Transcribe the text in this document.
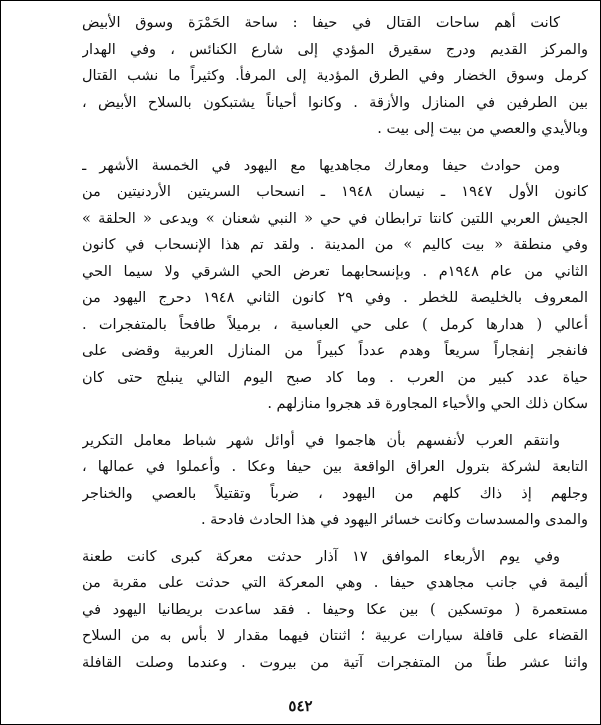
كانت أهم ساحات القتال في حيفا : ساحة الحَمْرَة وسوق الأبيض
والمركز القديم ودرج سقيرق المؤدي إلى شارع الكنائس ، وفي الهدار
كرمل وسوق الخضار وفي الطرق المؤدية إلى المرفأ. وكثيراً ما نشب القتال
بين الطرفين في المنازل والأزقة . وكانوا أحياناً يشتبكون بالسلاح الأبيض ،
وبالأيدي والعصي من بيت إلى بيت .
ومن حوادث حيفا ومعارك مجاهديها مع اليهود في الخمسة الأشهر ـ
كانون الأول ١٩٤٧ ـ نيسان ١٩٤٨ ـ انسحاب السريتين الأردنيتين من
الجيش العربي اللتين كانتا ترابطان في حي « النبي شعنان » ويدعى « الحلقة »
وفي منطقة « بيت كاليم » من المدينة . ولقد تم هذا الإنسحاب في كانون
الثاني من عام ١٩٤٨م . وبإنسحابهما تعرض الحي الشرقي ولا سيما الحي
المعروف بالخليصة للخطر . وفي ٢٩ كانون الثاني ١٩٤٨ دحرج اليهود من
أعالي ( هدارها كرمل ) على حي العباسية ، برميلاً طافحاً بالمتفجرات .
فانفجر إنفجاراً سريعاً وهدم عدداً كبيراً من المنازل العربية وقضى على
حياة عدد كبير من العرب . وما كاد صبح اليوم التالي ينبلج حتى كان
سكان ذلك الحي والأحياء المجاورة قد هجروا منازلهم .
وانتقم العرب لأنفسهم بأن هاجموا في أوائل شهر شباط معامل التكرير
التابعة لشركة بترول العراق الواقعة بين حيفا وعكا . وأعملوا في عمالها ،
وجلهم إذ ذاك كلهم من اليهود ، ضرباً وتقتيلاً بالعصي والخناجر
والمدى والمسدسات وكانت خسائر اليهود في هذا الحادث فادحة .
وفي يوم الأربعاء الموافق ١٧ آذار حدثت معركة كبرى كانت طعنة
أليمة في جانب مجاهدي حيفا . وهي المعركة التي حدثت على مقربة من
مستعمرة ( موتسكين ) بين عكا وحيفا . فقد ساعدت بريطانيا اليهود في
القضاء على قافلة سيارات عربية ؛ اثنتان فيهما مقدار لا بأس به من السلاح
واثنا عشر طناً من المتفجرات آتية من بيروت . وعندما وصلت القافلة
٥٤٢
